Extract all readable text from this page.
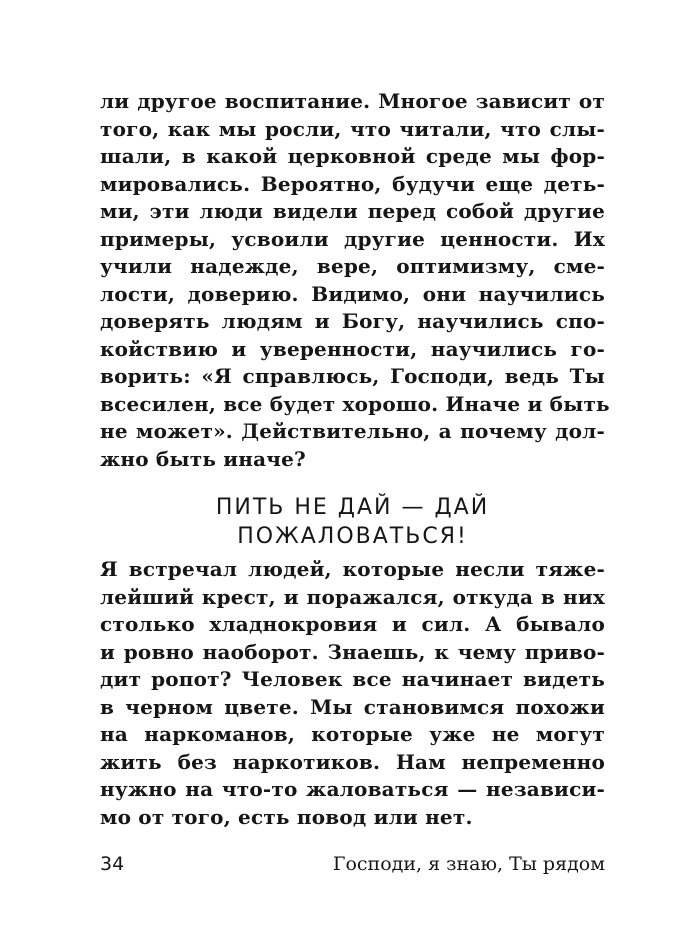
ли другое воспитание. Многое зависит от
того, как мы росли, что читали, что слы-
шали, в какой церковной среде мы фор-
мировались. Вероятно, будучи еще деть-
ми, эти люди видели перед собой другие
примеры, усвоили другие ценности. Их
учили надежде, вере, оптимизму, сме-
лости, доверию. Видимо, они научились
доверять людям и Богу, научились спо-
койствию и уверенности, научились го-
ворить: «Я справлюсь, Господи, ведь Ты
всесилен, все будет хорошо. Иначе и быть
не может». Действительно, а почему дол-
жно быть иначе?

ПИТЬ НЕ ДАЙ — ДАЙ
ПОЖАЛОВАТЬСЯ!

Я встречал людей, которые несли тяже-
лейший крест, и поражался, откуда в них
столько хладнокровия и сил. А бывало
и ровно наоборот. Знаешь, к чему приво-
дит ропот? Человек все начинает видеть
в черном цвете. Мы становимся похожи
на наркоманов, которые уже не могут
жить без наркотиков. Нам непременно
нужно на что-то жаловаться — независи-
мо от того, есть повод или нет.

34	Господи, я знаю, Ты рядом
